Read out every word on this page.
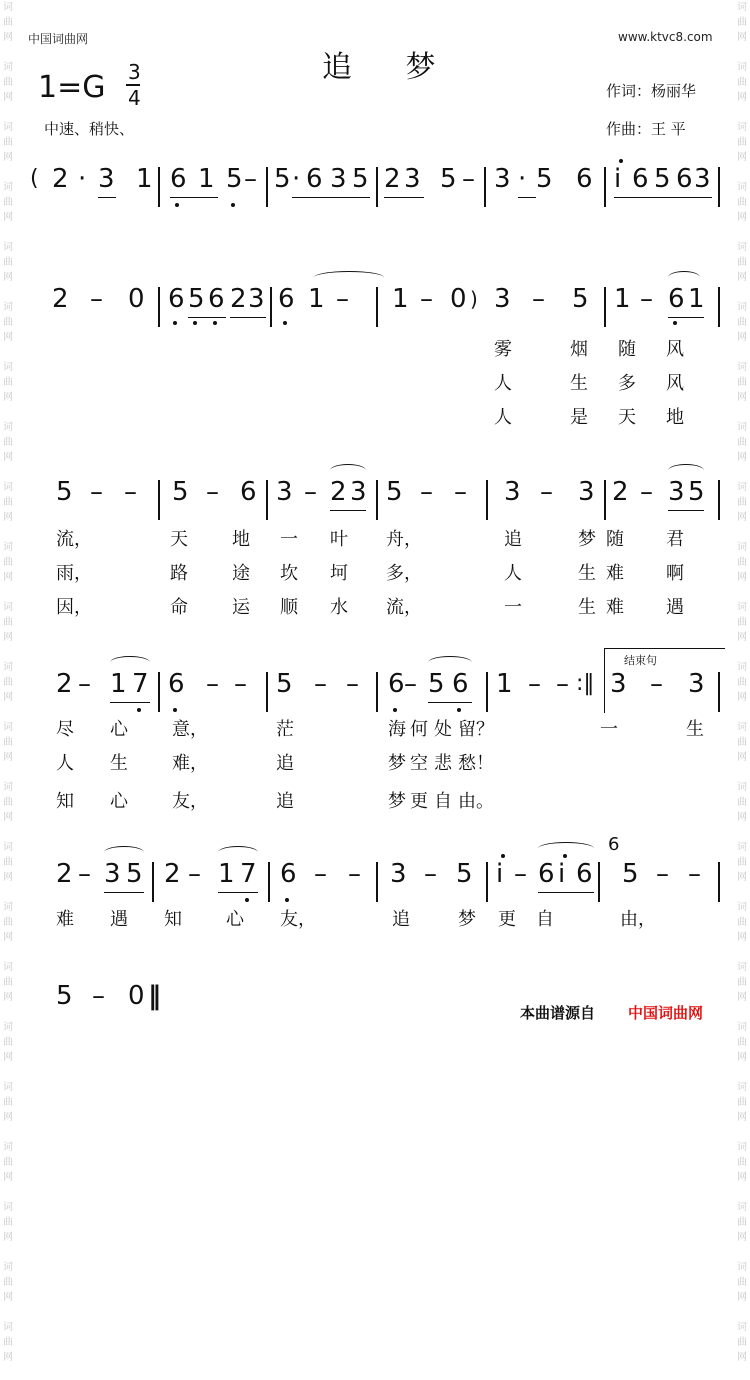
词
曲
网

词
曲
网

词
曲
网

词
曲
网

词
曲
网

词
曲
网

词
曲
网

词
曲
网

词
曲
网

词
曲
网

词
曲
网

词
曲
网

词
曲
网

词
曲
网

词
曲
网

词
曲
网

词
曲
网

词
曲
网

词
曲
网

词
曲
网

词
曲
网

词
曲
网

词
曲
网

词
曲
网

词
曲
网

词
曲
网

词
曲
网

词
曲
网

词
曲
网

词
曲
网

词
曲
网

词
曲
网

词
曲
网

词
曲
网

词
曲
网

词
曲
网

词
曲
网

词
曲
网

词
曲
网

词
曲
网

词
曲
网

词
曲
网

词
曲
网

词
曲
网

词
曲
网

词
曲
网

中国词曲网	www.ktvc8.com
追 梦
1=G 3
4
中速、稍快、
作词：杨丽华
作曲：王 平
( 2 · 3 1 6 1 5 – 5 · 6 3 5 2 3 5 – 3 · 5 6 i 6 5 6 3
2 – 0 6 5 6 2 3 6 1 – 1 – 0 ) 3 – 5 1 – 6 1
雾	烟 随 风
人	生 多 风
人	是 天 地
5 – – 5 – 6 3 – 2 3 5 – – 3 – 3 2 – 3 5
流，	天 地 一 叶 舟，	追	梦随 君
雨，	路 途 坎 坷 多，	人	生难 啊
因，	命 运 顺 水 流，	一	生难 遇
2 – 1 7 6 – – 5 – – 6 – 5 6 1 – – :‖ 3 – 3
结束句
尽 心 意，	茫	海 何 处 留？	一	生
人 生 难，	追	梦 空 悲 愁！
知 心 友，	追	梦 更 自 由。
2 – 3 5 2 – 1 7 6 – – 3 – 5 i – 6 i 6
6
5 – –
难 遇 知 心 友，	追	梦 更 自	由，
5 – 0 ‖
本曲谱源自 中国词曲网
